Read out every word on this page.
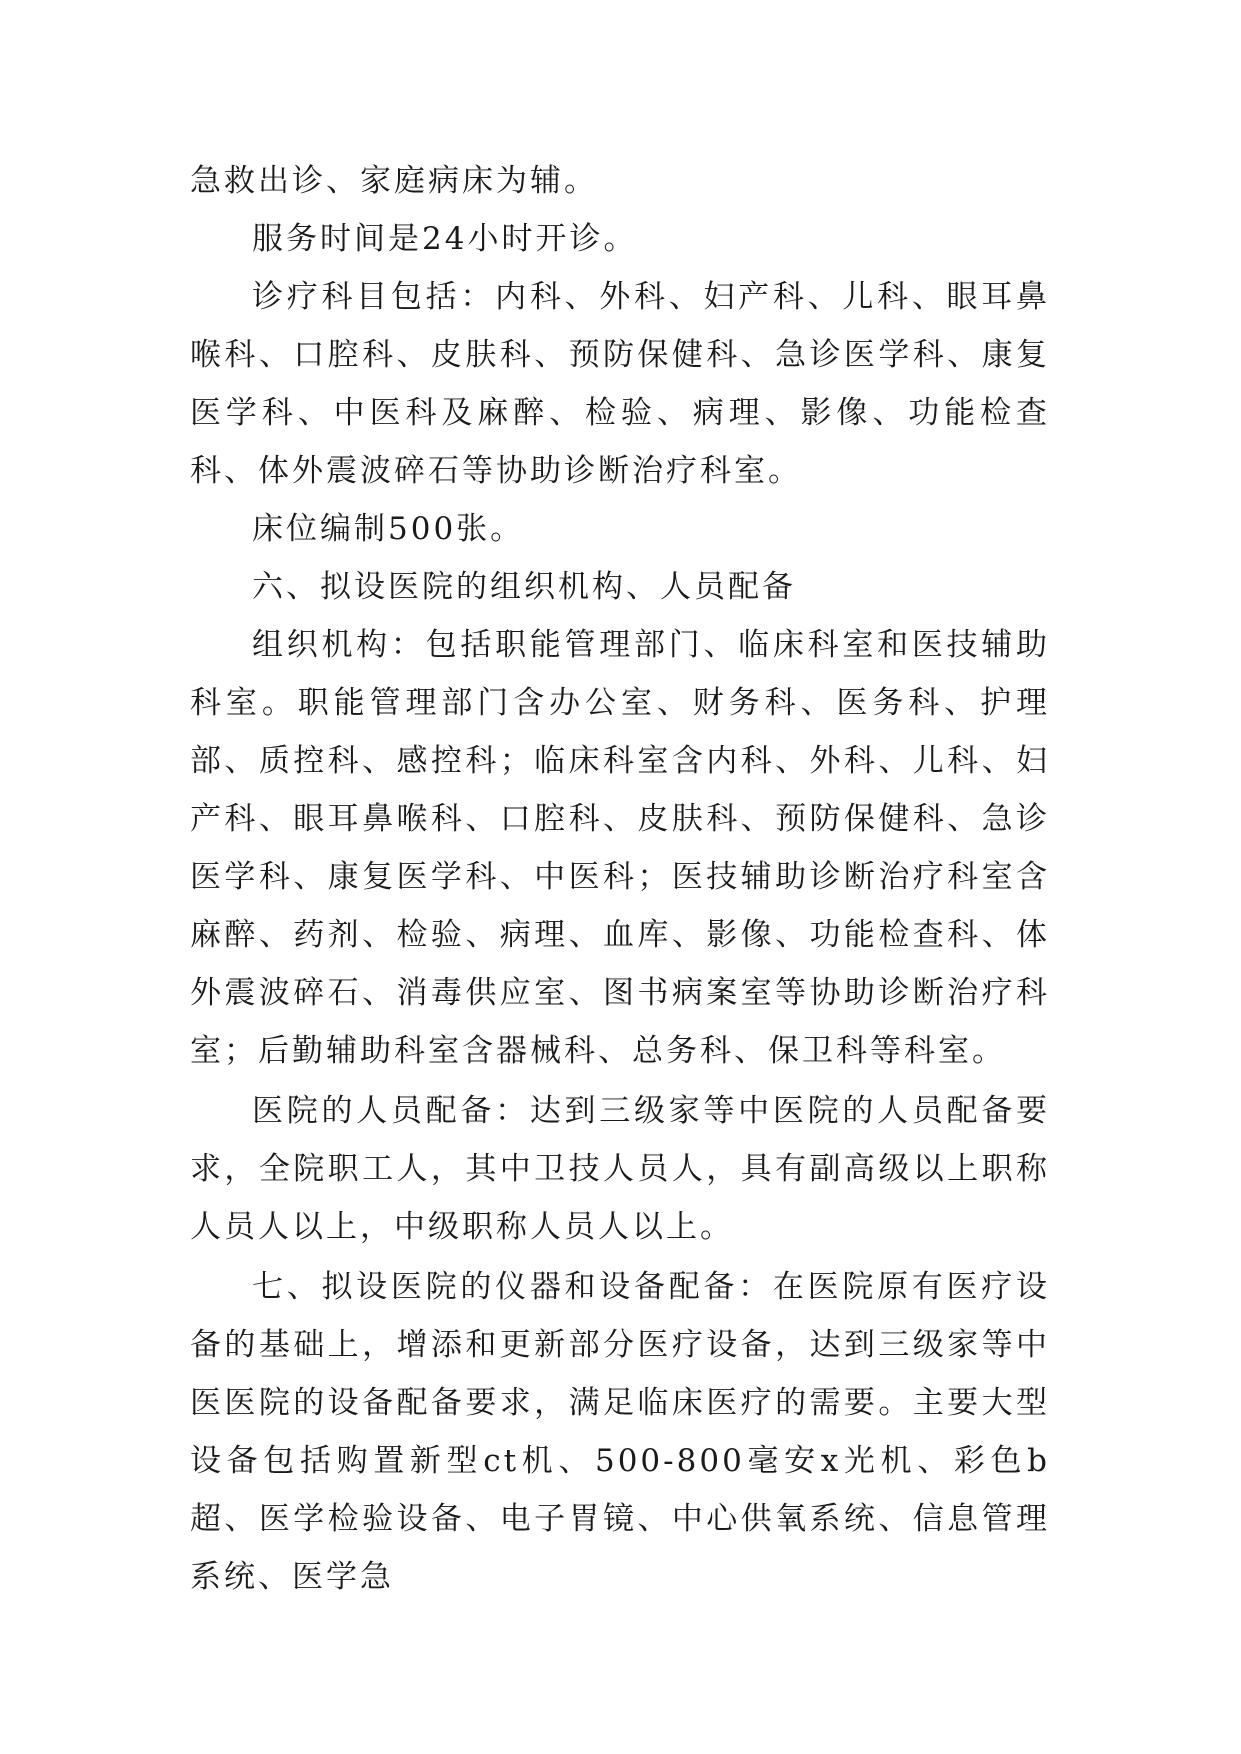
急救出诊、家庭病床为辅。

服务时间是24小时开诊。

诊疗科目包括：内科、外科、妇产科、儿科、眼耳鼻喉科、口腔科、皮肤科、预防保健科、急诊医学科、康复医学科、中医科及麻醉、检验、病理、影像、功能检查科、体外震波碎石等协助诊断治疗科室。

床位编制500张。

六、拟设医院的组织机构、人员配备

组织机构：包括职能管理部门、临床科室和医技辅助科室。职能管理部门含办公室、财务科、医务科、护理部、质控科、感控科；临床科室含内科、外科、儿科、妇产科、眼耳鼻喉科、口腔科、皮肤科、预防保健科、急诊医学科、康复医学科、中医科；医技辅助诊断治疗科室含麻醉、药剂、检验、病理、血库、影像、功能检查科、体外震波碎石、消毒供应室、图书病案室等协助诊断治疗科室；后勤辅助科室含器械科、总务科、保卫科等科室。

医院的人员配备：达到三级家等中医院的人员配备要求，全院职工人，其中卫技人员人，具有副高级以上职称人员人以上，中级职称人员人以上。

七、拟设医院的仪器和设备配备：在医院原有医疗设备的基础上，增添和更新部分医疗设备，达到三级家等中医医院的设备配备要求，满足临床医疗的需要。主要大型设备包括购置新型ct机、500-800毫安x光机、彩色b超、医学检验设备、电子胃镜、中心供氧系统、信息管理系统、医学急
